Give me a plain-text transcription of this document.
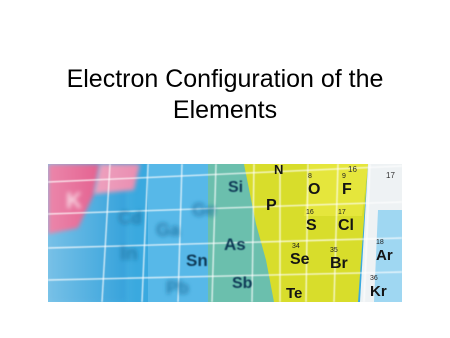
Electron Configuration of the
Elements
